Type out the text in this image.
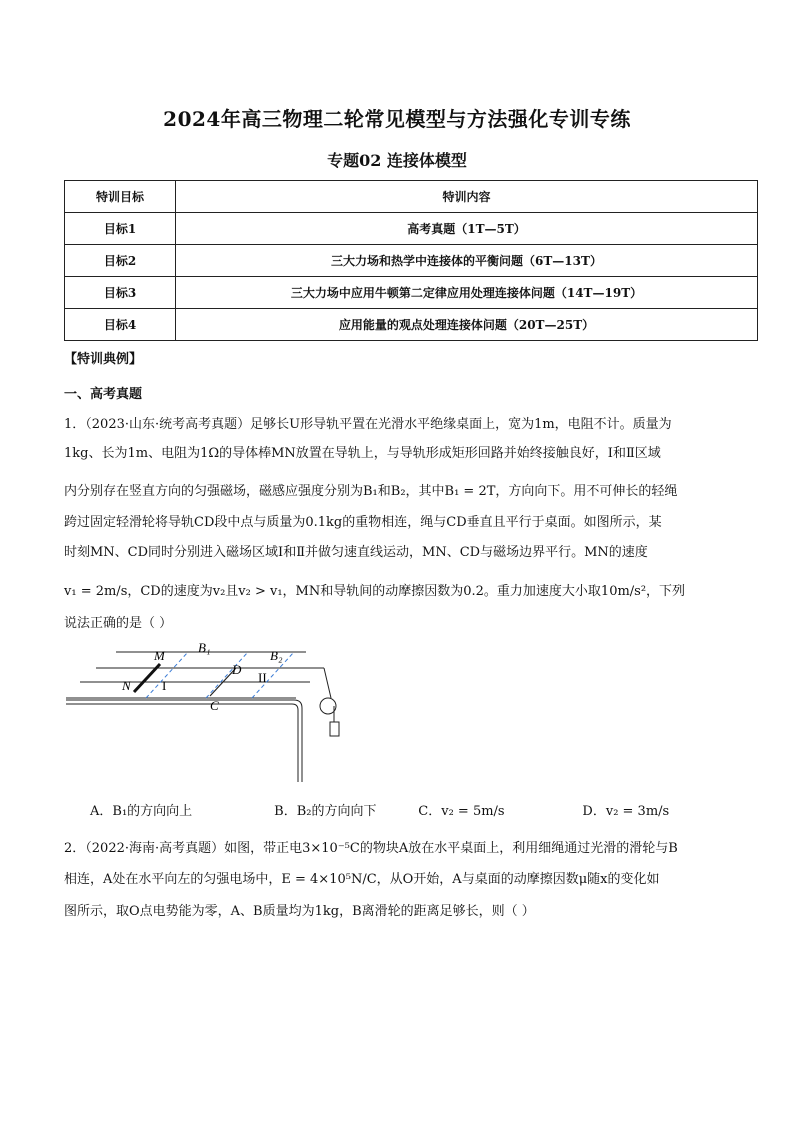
2024年高三物理二轮常见模型与方法强化专训专练
专题02 连接体模型
特训目标	特训内容
目标1	高考真题（1T—5T）
目标2	三大力场和热学中连接体的平衡问题（6T—13T）
目标3	三大力场中应用牛顿第二定律应用处理连接体问题（14T—19T）
目标4	应用能量的观点处理连接体问题（20T—25T）
【特训典例】
一、高考真题
1．（2023·山东·统考高考真题）足够长U形导轨平置在光滑水平绝缘桌面上，宽为1m，电阻不计。质量为
1kg、长为1m、电阻为1Ω的导体棒MN放置在导轨上，与导轨形成矩形回路并始终接触良好，I和Ⅱ区域
内分别存在竖直方向的匀强磁场，磁感应强度分别为B₁和B₂，其中B₁ = 2T，方向向下。用不可伸长的轻绳
跨过固定轻滑轮将导轨CD段中点与质量为0.1kg的重物相连，绳与CD垂直且平行于桌面。如图所示，某
时刻MN、CD同时分别进入磁场区域I和Ⅱ并做匀速直线运动，MN、CD与磁场边界平行。MN的速度
v₁ = 2m/s，CD的速度为v₂且v₂ > v₁，MN和导轨间的动摩擦因数为0.2。重力加速度大小取10m/s²，下列
说法正确的是（ ）
M
N
B₁
B₂
D
C
I
II
A．B₁的方向向上	B．B₂的方向向下	C．v₂ = 5m/s	D．v₂ = 3m/s
2．（2022·海南·高考真题）如图，带正电3×10⁻⁵C的物块A放在水平桌面上，利用细绳通过光滑的滑轮与B
相连，A处在水平向左的匀强电场中，E = 4×10⁵N/C，从O开始，A与桌面的动摩擦因数μ随x的变化如
图所示，取O点电势能为零，A、B质量均为1kg，B离滑轮的距离足够长，则（ ）
